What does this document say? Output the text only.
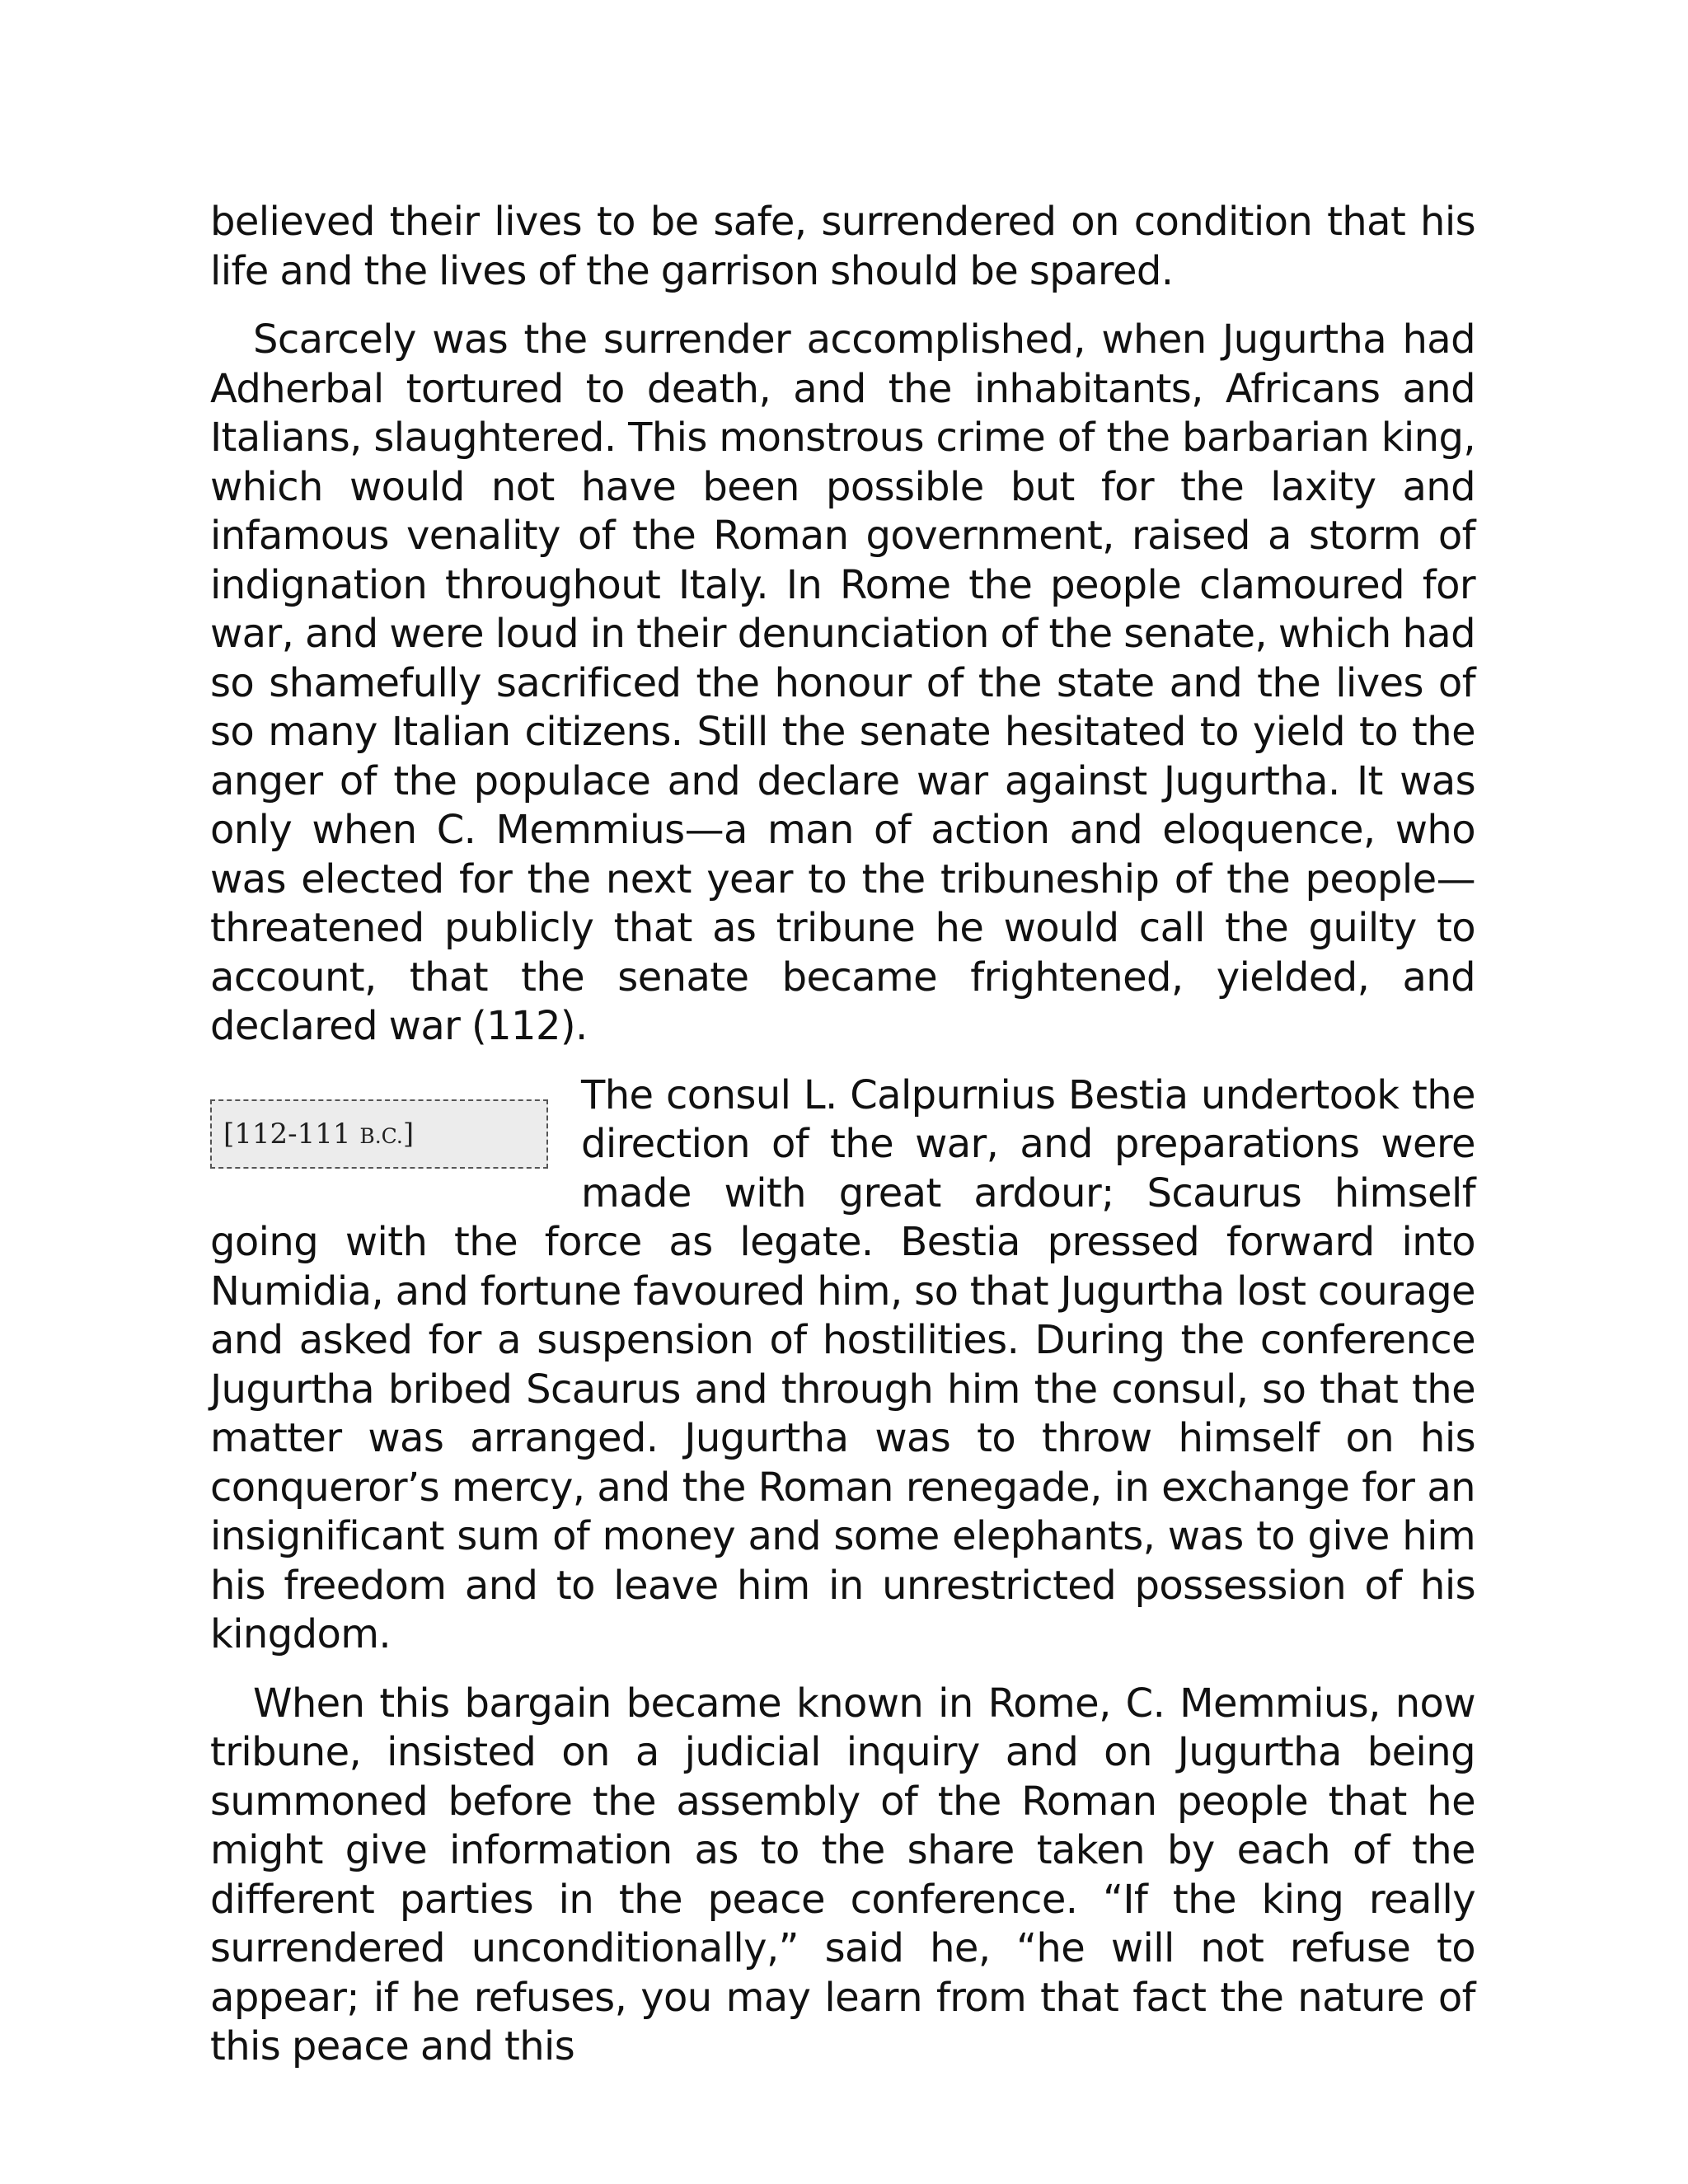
believed their lives to be safe, surrendered on condition that his life and the lives of the garrison should be spared.

Scarcely was the surrender accomplished, when Jugurtha had Adherbal tortured to death, and the inhabitants, Africans and Italians, slaughtered. This monstrous crime of the barbarian king, which would not have been possible but for the laxity and infamous venality of the Roman government, raised a storm of indignation throughout Italy. In Rome the people clamoured for war, and were loud in their denunciation of the senate, which had so shamefully sacrificed the honour of the state and the lives of so many Italian citizens. Still the senate hesitated to yield to the anger of the populace and declare war against Jugurtha. It was only when C. Memmius—a man of action and eloquence, who was elected for the next year to the tribuneship of the people—threatened publicly that as tribune he would call the guilty to account, that the senate became frightened, yielded, and declared war (112).

[112-111 B.C.]

The consul L. Calpurnius Bestia undertook the direction of the war, and preparations were made with great ardour; Scaurus himself going with the force as legate. Bestia pressed forward into Numidia, and fortune favoured him, so that Jugurtha lost courage and asked for a suspension of hostilities. During the conference Jugurtha bribed Scaurus and through him the consul, so that the matter was arranged. Jugurtha was to throw himself on his conqueror’s mercy, and the Roman renegade, in exchange for an insignificant sum of money and some elephants, was to give him his freedom and to leave him in unrestricted possession of his kingdom.

When this bargain became known in Rome, C. Memmius, now tribune, insisted on a judicial inquiry and on Jugurtha being summoned before the assembly of the Roman people that he might give information as to the share taken by each of the different parties in the peace conference. “If the king really surrendered unconditionally,” said he, “he will not refuse to appear; if he refuses, you may learn from that fact the nature of this peace and this
